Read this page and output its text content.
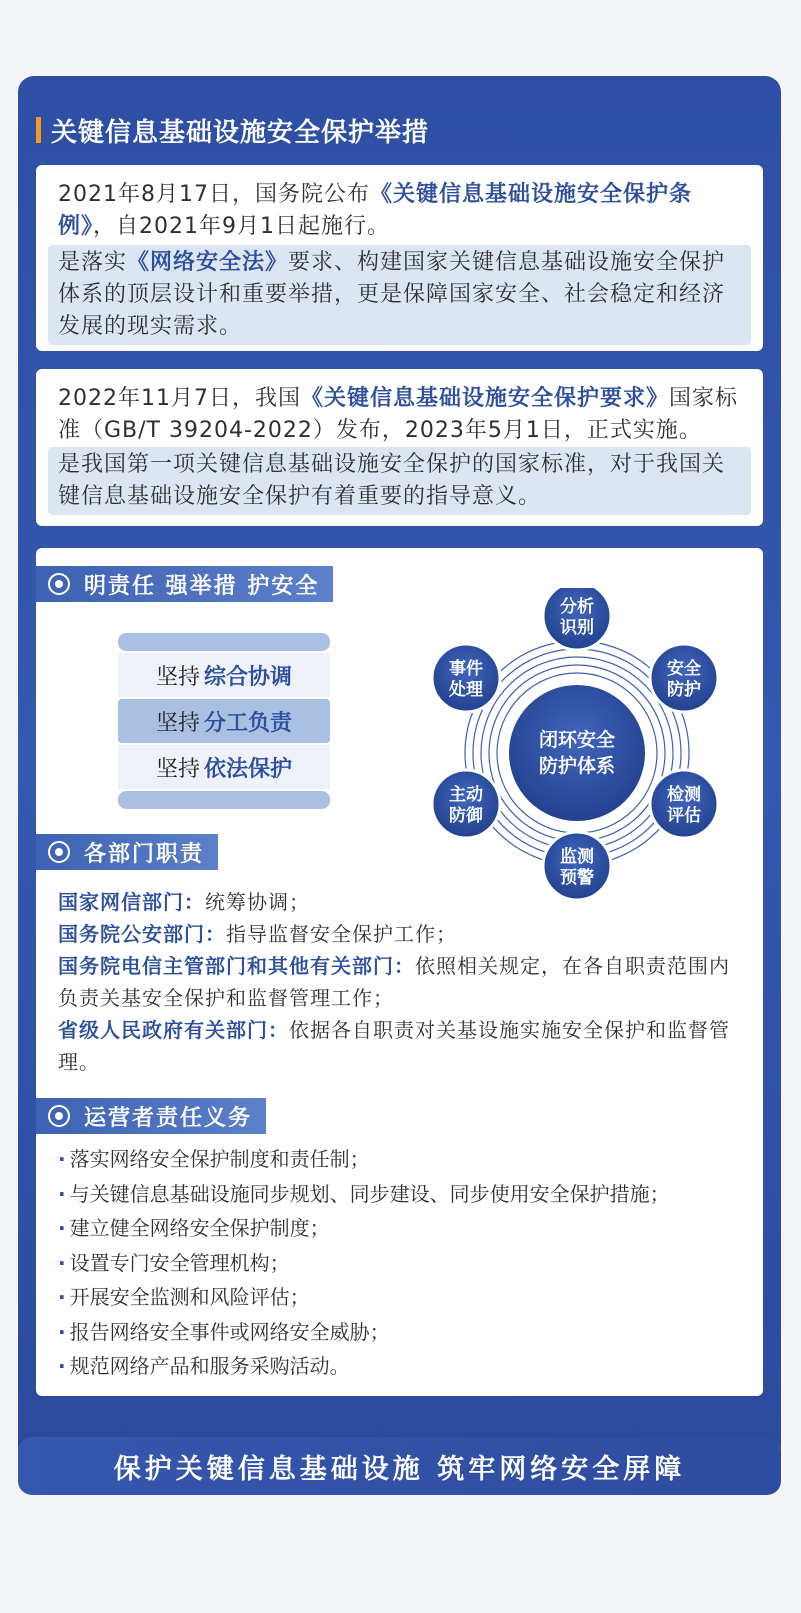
关键信息基础设施安全保护举措
2021年8月17日，国务院公布《关键信息基础设施安全保护条例》，自2021年9月1日起施行。
是落实《网络安全法》要求、构建国家关键信息基础设施安全保护体系的顶层设计和重要举措，更是保障国家安全、社会稳定和经济发展的现实需求。
2022年11月7日，我国《关键信息基础设施安全保护要求》国家标准（GB/T 39204-2022）发布，2023年5月1日，正式实施。
是我国第一项关键信息基础设施安全保护的国家标准，对于我国关键信息基础设施安全保护有着重要的指导意义。
明责任 强举措 护安全
坚持 综合协调
坚持 分工负责
坚持 依法保护
闭环安全
防护体系
分析
识别
安全
防护
检测
评估
监测
预警
主动
防御
事件
处理
各部门职责
国家网信部门：统筹协调；
国务院公安部门：指导监督安全保护工作；
国务院电信主管部门和其他有关部门：依照相关规定，在各自职责范围内负责关基安全保护和监督管理工作；
省级人民政府有关部门：依据各自职责对关基设施实施安全保护和监督管理。
运营者责任义务
· 落实网络安全保护制度和责任制；
· 与关键信息基础设施同步规划、同步建设、同步使用安全保护措施；
· 建立健全网络安全保护制度；
· 设置专门安全管理机构；
· 开展安全监测和风险评估；
· 报告网络安全事件或网络安全威胁；
· 规范网络产品和服务采购活动。
保护关键信息基础设施 筑牢网络安全屏障
